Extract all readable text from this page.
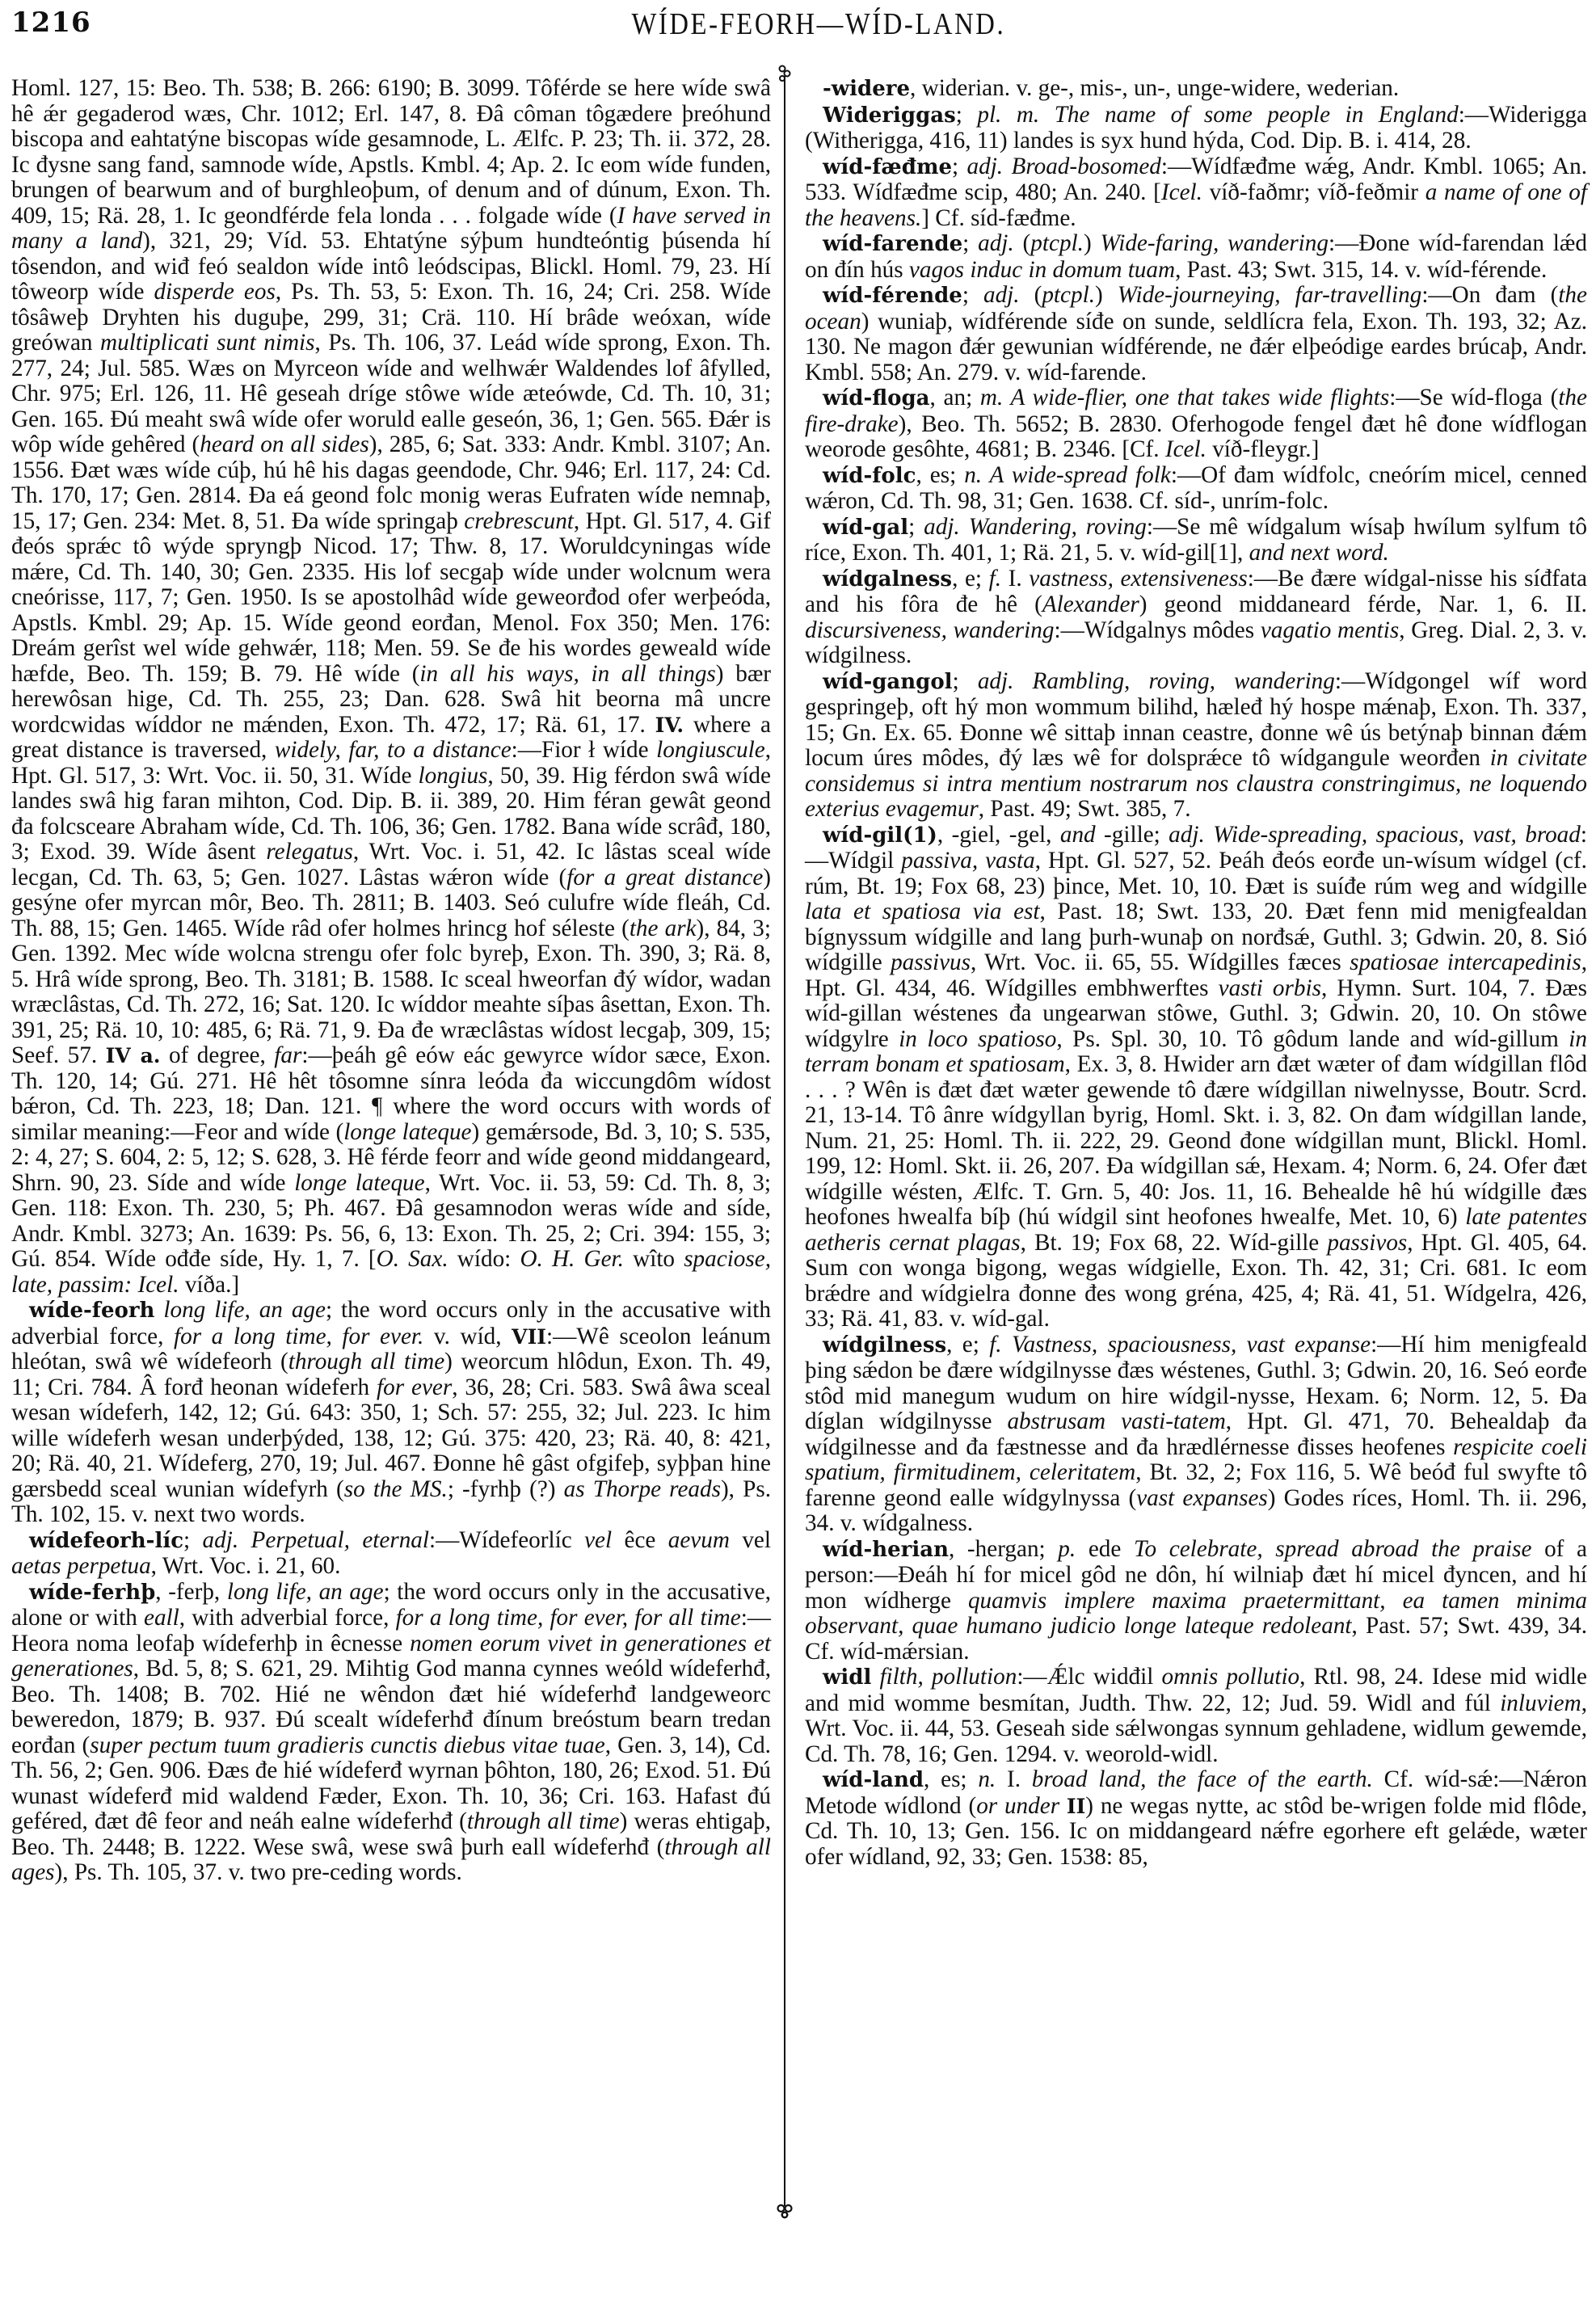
1216	WÍDE-FEORH—WÍD-LAND.

Homl. 127, 15: Beo. Th. 538; B. 266: 6190; B. 3099. Tôférde se here wíde swâ hê ǽr gegaderod wæs, Chr. 1012; Erl. 147, 8. Đâ côman tôgædere þreóhund biscopa and eahtatýne biscopas wíde gesamnode, L. Ælfc. P. 23; Th. ii. 372, 28. Ic đysne sang fand, samnode wíde, Apstls. Kmbl. 4; Ap. 2. Ic eom wíde funden, brungen of bearwum and of burghleoþum, of denum and of dúnum, Exon. Th. 409, 15; Rä. 28, 1. Ic geondférde fela londa . . . folgade wíde (I have served in many a land), 321, 29; Víd. 53. Ehtatýne sýþum hundteóntig þúsenda hí tôsendon, and wiđ feó sealdon wíde intô leódscipas, Blickl. Homl. 79, 23. Hí tôweorp wíde disperde eos, Ps. Th. 53, 5: Exon. Th. 16, 24; Cri. 258. Wíde tôsâweþ Dryhten his duguþe, 299, 31; Crä. 110. Hí brâde weóxan, wíde greówan multiplicati sunt nimis, Ps. Th. 106, 37. Leád wíde sprong, Exon. Th. 277, 24; Jul. 585. Wæs on Myrceon wíde and welhwǽr Waldendes lof âfylled, Chr. 975; Erl. 126, 11. Hê geseah dríge stôwe wíde æteówde, Cd. Th. 10, 31; Gen. 165. Đú meaht swâ wíde ofer woruld ealle geseón, 36, 1; Gen. 565. Đǽr is wôp wíde gehêred (heard on all sides), 285, 6; Sat. 333: Andr. Kmbl. 3107; An. 1556. Đæt wæs wíde cúþ, hú hê his dagas geendode, Chr. 946; Erl. 117, 24: Cd. Th. 170, 17; Gen. 2814. Đa eá geond folc monig weras Eufraten wíde nemnaþ, 15, 17; Gen. 234: Met. 8, 51. Đa wíde springaþ crebrescunt, Hpt. Gl. 517, 4. Gif đeós sprǽc tô wýde spryngþ Nicod. 17; Thw. 8, 17. Woruldcyningas wíde mǽre, Cd. Th. 140, 30; Gen. 2335. His lof secgaþ wíde under wolcnum wera cneórisse, 117, 7; Gen. 1950. Is se apostolhâd wíde geweorđod ofer werþeóda, Apstls. Kmbl. 29; Ap. 15. Wíde geond eorđan, Menol. Fox 350; Men. 176: Dreám gerîst wel wíde gehwǽr, 118; Men. 59. Se đe his wordes geweald wíde hæfde, Beo. Th. 159; B. 79. Hê wíde (in all his ways, in all things) bær herewôsan hige, Cd. Th. 255, 23; Dan. 628. Swâ hit beorna mâ uncre wordcwidas wíddor ne mǽnden, Exon. Th. 472, 17; Rä. 61, 17. IV. where a great distance is traversed, widely, far, to a distance:—Fior ł wíde longiuscule, Hpt. Gl. 517, 3: Wrt. Voc. ii. 50, 31. Wíde longius, 50, 39. Hig férdon swâ wíde landes swâ hig faran mihton, Cod. Dip. B. ii. 389, 20. Him féran gewât geond đa folcsceare Abraham wíde, Cd. Th. 106, 36; Gen. 1782. Bana wíde scrâđ, 180, 3; Exod. 39. Wíde âsent relegatus, Wrt. Voc. i. 51, 42. Ic lâstas sceal wíde lecgan, Cd. Th. 63, 5; Gen. 1027. Lâstas wǽron wíde (for a great distance) gesýne ofer myrcan môr, Beo. Th. 2811; B. 1403. Seó culufre wíde fleáh, Cd. Th. 88, 15; Gen. 1465. Wíde râd ofer holmes hrincg hof séleste (the ark), 84, 3; Gen. 1392. Mec wíde wolcna strengu ofer folc byreþ, Exon. Th. 390, 3; Rä. 8, 5. Hrâ wíde sprong, Beo. Th. 3181; B. 1588. Ic sceal hweorfan đý wídor, wadan wræclâstas, Cd. Th. 272, 16; Sat. 120. Ic wíddor meahte síþas âsettan, Exon. Th. 391, 25; Rä. 10, 10: 485, 6; Rä. 71, 9. Đa đe wræclâstas wídost lecgaþ, 309, 15; Seef. 57. IV a. of degree, far:—þeáh gê eów eác gewyrce wídor sæce, Exon. Th. 120, 14; Gú. 271. Hê hêt tôsomne sínra leóda đa wiccungdôm wídost bǽron, Cd. Th. 223, 18; Dan. 121. ¶ where the word occurs with words of similar meaning:—Feor and wíde (longe lateque) gemǽrsode, Bd. 3, 10; S. 535, 2: 4, 27; S. 604, 2: 5, 12; S. 628, 3. Hê férde feorr and wíde geond middangeard, Shrn. 90, 23. Síde and wíde longe lateque, Wrt. Voc. ii. 53, 59: Cd. Th. 8, 3; Gen. 118: Exon. Th. 230, 5; Ph. 467. Đâ gesamnodon weras wíde and síde, Andr. Kmbl. 3273; An. 1639: Ps. 56, 6, 13: Exon. Th. 25, 2; Cri. 394: 155, 3; Gú. 854. Wíde ođđe síde, Hy. 1, 7. [O. Sax. wído: O. H. Ger. wîto spaciose, late, passim: Icel. víða.]

wíde-feorh long life, an age; the word occurs only in the accusative with adverbial force, for a long time, for ever. v. wíd, VII:—Wê sceolon leánum hleótan, swâ wê wídefeorh (through all time) weorcum hlôdun, Exon. Th. 49, 11; Cri. 784. Â forđ heonan wídeferh for ever, 36, 28; Cri. 583. Swâ âwa sceal wesan wídeferh, 142, 12; Gú. 643: 350, 1; Sch. 57: 255, 32; Jul. 223. Ic him wille wídeferh wesan underþýded, 138, 12; Gú. 375: 420, 23; Rä. 40, 8: 421, 20; Rä. 40, 21. Wídeferg, 270, 19; Jul. 467. Đonne hê gâst ofgifeþ, syþþan hine gærsbedd sceal wunian wídefyrh (so the MS.; -fyrhþ (?) as Thorpe reads), Ps. Th. 102, 15. v. next two words.

wídefeorh-líc; adj. Perpetual, eternal:—Wídefeorlíc vel êce aevum vel aetas perpetua, Wrt. Voc. i. 21, 60.

wíde-ferhþ, -ferþ, long life, an age; the word occurs only in the accusative, alone or with eall, with adverbial force, for a long time, for ever, for all time:—Heora noma leofaþ wídeferhþ in êcnesse nomen eorum vivet in generationes et generationes, Bd. 5, 8; S. 621, 29. Mihtig God manna cynnes weóld wídeferhđ, Beo. Th. 1408; B. 702. Hié ne wêndon đæt hié wídeferhđ landgeweorc beweredon, 1879; B. 937. Đú scealt wídeferhđ đínum breóstum bearn tredan eorđan (super pectum tuum gradieris cunctis diebus vitae tuae, Gen. 3, 14), Cd. Th. 56, 2; Gen. 906. Đæs đe hié wídeferđ wyrnan þôhton, 180, 26; Exod. 51. Đú wunast wídeferđ mid waldend Fæder, Exon. Th. 10, 36; Cri. 163. Hafast đú geféred, đæt đê feor and neáh ealne wídeferhđ (through all time) weras ehtigaþ, Beo. Th. 2448; B. 1222. Wese swâ, wese swâ þurh eall wídeferhđ (through all ages), Ps. Th. 105, 37. v. two pre-ceding words.

-widere, widerian. v. ge-, mis-, un-, unge-widere, wederian.

Wideriggas; pl. m. The name of some people in England:—Widerigga (Witherigga, 416, 11) landes is syx hund hýda, Cod. Dip. B. i. 414, 28.

wíd-fæđme; adj. Broad-bosomed:—Wídfæđme wǽg, Andr. Kmbl. 1065; An. 533. Wídfæđme scip, 480; An. 240. [Icel. víð-faðmr; víð-feðmir a name of one of the heavens.] Cf. síd-fæđme.

wíd-farende; adj. (ptcpl.) Wide-faring, wandering:—Đone wíd-farendan lǽd on đín hús vagos induc in domum tuam, Past. 43; Swt. 315, 14. v. wíd-férende.

wíd-férende; adj. (ptcpl.) Wide-journeying, far-travelling:—On đam (the ocean) wuniaþ, wídférende síđe on sunde, seldlícra fela, Exon. Th. 193, 32; Az. 130. Ne magon đǽr gewunian wídférende, ne đǽr elþeódige eardes brúcaþ, Andr. Kmbl. 558; An. 279. v. wíd-farende.

wíd-floga, an; m. A wide-flier, one that takes wide flights:—Se wíd-floga (the fire-drake), Beo. Th. 5652; B. 2830. Oferhogode fengel đæt hê đone wídflogan weorode gesôhte, 4681; B. 2346. [Cf. Icel. víð-fleygr.]

wíd-folc, es; n. A wide-spread folk:—Of đam wídfolc, cneórím micel, cenned wǽron, Cd. Th. 98, 31; Gen. 1638. Cf. síd-, unrím-folc.

wíd-gal; adj. Wandering, roving:—Se mê wídgalum wísaþ hwílum sylfum tô ríce, Exon. Th. 401, 1; Rä. 21, 5. v. wíd-gil[1], and next word.

wídgalness, e; f. I. vastness, extensiveness:—Be đære wídgal-nisse his síđfata and his fôra đe hê (Alexander) geond middaneard férde, Nar. 1, 6. II. discursiveness, wandering:—Wídgalnys môdes vagatio mentis, Greg. Dial. 2, 3. v. wídgilness.

wíd-gangol; adj. Rambling, roving, wandering:—Wídgongel wíf word gespringeþ, oft hý mon wommum bilihd, hæleđ hý hospe mǽnaþ, Exon. Th. 337, 15; Gn. Ex. 65. Đonne wê sittaþ innan ceastre, đonne wê ús betýnaþ binnan đǽm locum úres môdes, đý læs wê for dolsprǽce tô wídgangule weorđen in civitate considemus si intra mentium nostrarum nos claustra constringimus, ne loquendo exterius evagemur, Past. 49; Swt. 385, 7.

wíd-gil(1), -giel, -gel, and -gille; adj. Wide-spreading, spacious, vast, broad:—Wídgil passiva, vasta, Hpt. Gl. 527, 52. Þeáh đeós eorđe un-wísum wídgel (cf. rúm, Bt. 19; Fox 68, 23) þince, Met. 10, 10. Đæt is suíđe rúm weg and wídgille lata et spatiosa via est, Past. 18; Swt. 133, 20. Đæt fenn mid menigfealdan bígnyssum wídgille and lang þurh-wunaþ on norđsǽ, Guthl. 3; Gdwin. 20, 8. Sió wídgille passivus, Wrt. Voc. ii. 65, 55. Wídgilles fæces spatiosae intercapedinis, Hpt. Gl. 434, 46. Wídgilles embhwerftes vasti orbis, Hymn. Surt. 104, 7. Đæs wíd-gillan wéstenes đa ungearwan stôwe, Guthl. 3; Gdwin. 20, 10. On stôwe wídgylre in loco spatioso, Ps. Spl. 30, 10. Tô gôdum lande and wíd-gillum in terram bonam et spatiosam, Ex. 3, 8. Hwider arn đæt wæter of đam wídgillan flôd . . . ? Wên is đæt đæt wæter gewende tô đære wídgillan niwelnysse, Boutr. Scrd. 21, 13-14. Tô ânre wídgyllan byrig, Homl. Skt. i. 3, 82. On đam wídgillan lande, Num. 21, 25: Homl. Th. ii. 222, 29. Geond đone wídgillan munt, Blickl. Homl. 199, 12: Homl. Skt. ii. 26, 207. Đa wídgillan sǽ, Hexam. 4; Norm. 6, 24. Ofer đæt wídgille wésten, Ælfc. T. Grn. 5, 40: Jos. 11, 16. Behealde hê hú wídgille đæs heofones hwealfa bíþ (hú wídgil sint heofones hwealfe, Met. 10, 6) late patentes aetheris cernat plagas, Bt. 19; Fox 68, 22. Wíd-gille passivos, Hpt. Gl. 405, 64. Sum con wonga bigong, wegas wídgielle, Exon. Th. 42, 31; Cri. 681. Ic eom brǽdre and wídgielra đonne đes wong gréna, 425, 4; Rä. 41, 51. Wídgelra, 426, 33; Rä. 41, 83. v. wíd-gal.

wídgilness, e; f. Vastness, spaciousness, vast expanse:—Hí him menigfeald þing sǽdon be đære wídgilnysse đæs wéstenes, Guthl. 3; Gdwin. 20, 16. Seó eorđe stôd mid manegum wudum on hire wídgil-nysse, Hexam. 6; Norm. 12, 5. Đa díglan wídgilnysse abstrusam vasti-tatem, Hpt. Gl. 471, 70. Behealdaþ đa wídgilnesse and đa fæstnesse and đa hrædlérnesse đisses heofenes respicite coeli spatium, firmitudinem, celeritatem, Bt. 32, 2; Fox 116, 5. Wê beóđ ful swyfte tô farenne geond ealle wídgylnyssa (vast expanses) Godes ríces, Homl. Th. ii. 296, 34. v. wídgalness.

wíd-herian, -hergan; p. ede To celebrate, spread abroad the praise of a person:—Đeáh hí for micel gôd ne dôn, hí wilniaþ đæt hí micel đyncen, and hí mon wídherge quamvis implere maxima praetermittant, ea tamen minima observant, quae humano judicio longe lateque redoleant, Past. 57; Swt. 439, 34. Cf. wíd-mǽrsian.

widl filth, pollution:—Ǽlc widđil omnis pollutio, Rtl. 98, 24. Idese mid widle and mid womme besmítan, Judth. Thw. 22, 12; Jud. 59. Widl and fúl inluviem, Wrt. Voc. ii. 44, 53. Geseah side sǽlwongas synnum gehladene, widlum gewemde, Cd. Th. 78, 16; Gen. 1294. v. weorold-widl.

wíd-land, es; n. I. broad land, the face of the earth. Cf. wíd-sǽ:—Nǽron Metode wídlond (or under II) ne wegas nytte, ac stôd be-wrigen folde mid flôde, Cd. Th. 10, 13; Gen. 156. Ic on middangeard nǽfre egorhere eft gelǽde, wæter ofer wídland, 92, 33; Gen. 1538: 85,
